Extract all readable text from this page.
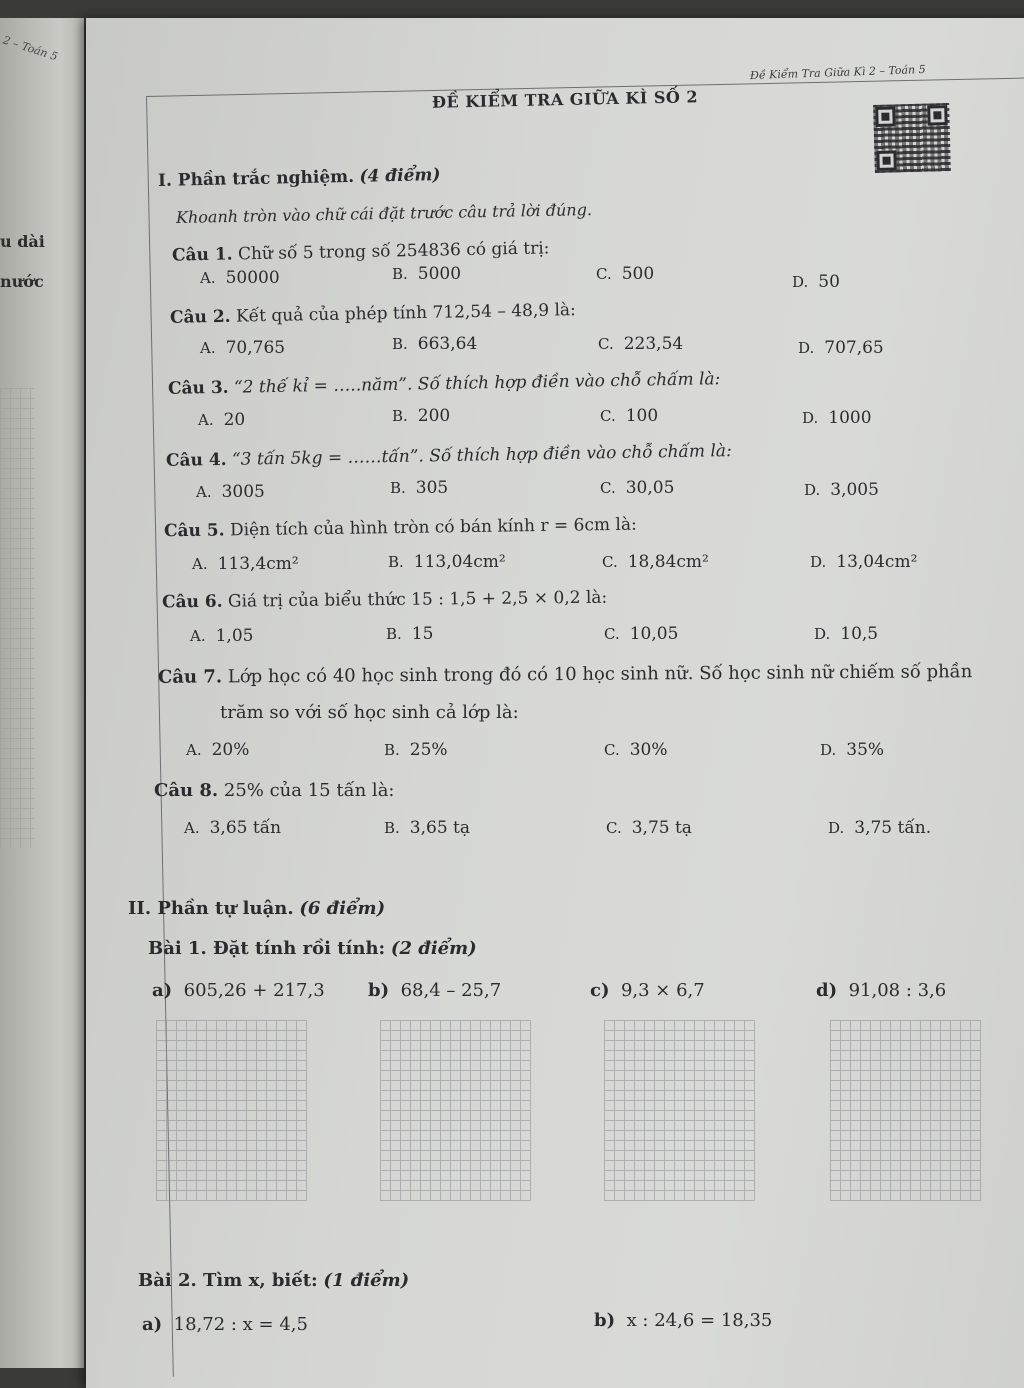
2 – Toán 5
u dài
nước
Đề Kiểm Tra Giữa Kì 2 – Toán 5
ĐỀ KIỂM TRA GIỮA KÌ SỐ 2
I. Phần trắc nghiệm. (4 điểm)
Khoanh tròn vào chữ cái đặt trước câu trả lời đúng.
Câu 1. Chữ số 5 trong số 254836 có giá trị:
A. 50000	B. 5000	C. 500	D. 50
Câu 2. Kết quả của phép tính 712,54 – 48,9 là:
A. 70,765	B. 663,64	C. 223,54	D. 707,65
Câu 3. “2 thế kỉ = …..năm”. Số thích hợp điền vào chỗ chấm là:
A. 20	B. 200	C. 100	D. 1000
Câu 4. “3 tấn 5kg = ……tấn”. Số thích hợp điền vào chỗ chấm là:
A. 3005	B. 305	C. 30,05	D. 3,005
Câu 5. Diện tích của hình tròn có bán kính r = 6cm là:
A. 113,4cm²	B. 113,04cm²	C. 18,84cm²	D. 13,04cm²
Câu 6. Giá trị của biểu thức 15 : 1,5 + 2,5 × 0,2 là:
A. 1,05	B. 15	C. 10,05	D. 10,5
Câu 7. Lớp học có 40 học sinh trong đó có 10 học sinh nữ. Số học sinh nữ chiếm số phần
trăm so với số học sinh cả lớp là:
A. 20%	B. 25%	C. 30%	D. 35%
Câu 8. 25% của 15 tấn là:
A. 3,65 tấn	B. 3,65 tạ	C. 3,75 tạ	D. 3,75 tấn.
II. Phần tự luận. (6 điểm)
Bài 1. Đặt tính rồi tính: (2 điểm)
a) 605,26 + 217,3 b) 68,4 – 25,7	c) 9,3 × 6,7	d) 91,08 : 3,6
Bài 2. Tìm x, biết: (1 điểm)
a) 18,72 : x = 4,5	b) x : 24,6 = 18,35
